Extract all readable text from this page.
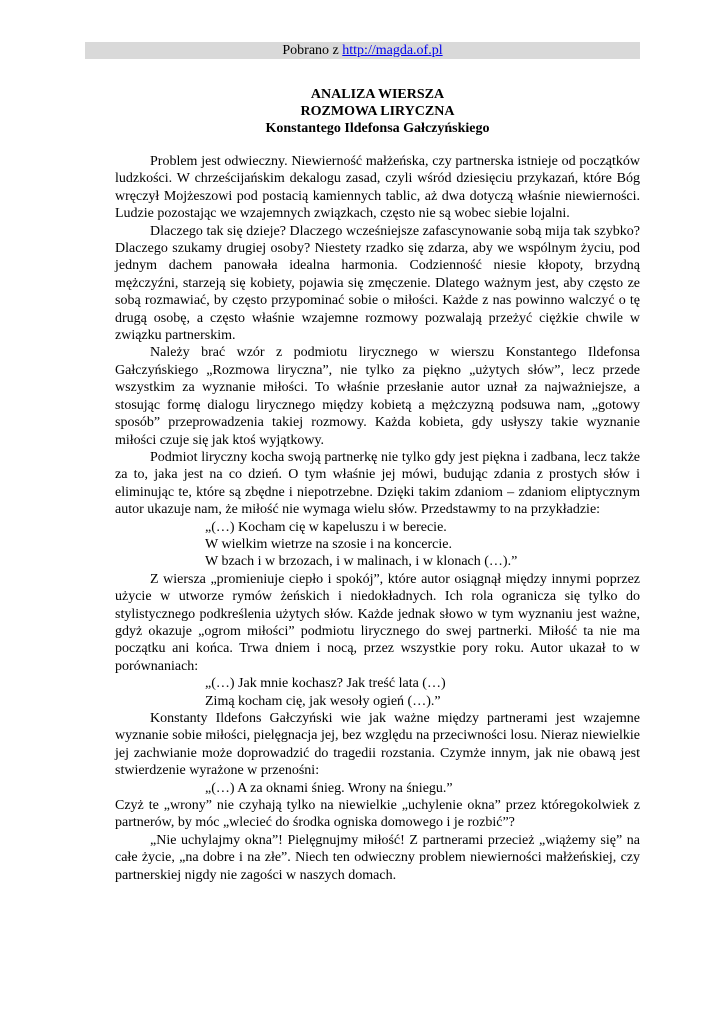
Pobrano z http://magda.of.pl
ANALIZA WIERSZA
ROZMOWA LIRYCZNA
Konstantego Ildefonsa Gałczyńskiego

Problem jest odwieczny. Niewierność małżeńska, czy partnerska istnieje od początków ludzkości. W chrześcijańskim dekalogu zasad, czyli wśród dziesięciu przykazań, które Bóg wręczył Mojżeszowi pod postacią kamiennych tablic, aż dwa dotyczą właśnie niewierności. Ludzie pozostając we wzajemnych związkach, często nie są wobec siebie lojalni.

Dlaczego tak się dzieje? Dlaczego wcześniejsze zafascynowanie sobą mija tak szybko? Dlaczego szukamy drugiej osoby? Niestety rzadko się zdarza, aby we wspólnym życiu, pod jednym dachem panowała idealna harmonia. Codzienność niesie kłopoty, brzydną mężczyźni, starzeją się kobiety, pojawia się zmęczenie. Dlatego ważnym jest, aby często ze sobą rozmawiać, by często przypominać sobie o miłości. Każde z nas powinno walczyć o tę drugą osobę, a często właśnie wzajemne rozmowy pozwalają przeżyć ciężkie chwile w związku partnerskim.

Należy brać wzór z podmiotu lirycznego w wierszu Konstantego Ildefonsa Gałczyńskiego „Rozmowa liryczna”, nie tylko za piękno „użytych słów”, lecz przede wszystkim za wyznanie miłości. To właśnie przesłanie autor uznał za najważniejsze, a stosując formę dialogu lirycznego między kobietą a mężczyzną podsuwa nam, „gotowy sposób” przeprowadzenia takiej rozmowy. Każda kobieta, gdy usłyszy takie wyznanie miłości czuje się jak ktoś wyjątkowy.

Podmiot liryczny kocha swoją partnerkę nie tylko gdy jest piękna i zadbana, lecz także za to, jaka jest na co dzień. O tym właśnie jej mówi, budując zdania z prostych słów i eliminując te, które są zbędne i niepotrzebne. Dzięki takim zdaniom – zdaniom eliptycznym autor ukazuje nam, że miłość nie wymaga wielu słów. Przedstawmy to na przykładzie:

„(…) Kocham cię w kapeluszu i w berecie.

W wielkim wietrze na szosie i na koncercie.

W bzach i w brzozach, i w malinach, i w klonach (…).”

Z wiersza „promieniuje ciepło i spokój”, które autor osiągnął między innymi poprzez użycie w utworze rymów żeńskich i niedokładnych. Ich rola ogranicza się tylko do stylistycznego podkreślenia użytych słów. Każde jednak słowo w tym wyznaniu jest ważne, gdyż okazuje „ogrom miłości” podmiotu lirycznego do swej partnerki. Miłość ta nie ma początku ani końca. Trwa dniem i nocą, przez wszystkie pory roku. Autor ukazał to w porównaniach:

„(…) Jak mnie kochasz? Jak treść lata (…)

Zimą kocham cię, jak wesoły ogień (…).”

Konstanty Ildefons Gałczyński wie jak ważne między partnerami jest wzajemne wyznanie sobie miłości, pielęgnacja jej, bez względu na przeciwności losu. Nieraz niewielkie jej zachwianie może doprowadzić do tragedii rozstania. Czymże innym, jak nie obawą jest stwierdzenie wyrażone w przenośni:

„(…) A za oknami śnieg. Wrony na śniegu.”

Czyż te „wrony” nie czyhają tylko na niewielkie „uchylenie okna” przez któregokolwiek z partnerów, by móc „wlecieć do środka ogniska domowego i je rozbić”?

„Nie uchylajmy okna”! Pielęgnujmy miłość! Z partnerami przecież „wiążemy się” na całe życie, „na dobre i na złe”. Niech ten odwieczny problem niewierności małżeńskiej, czy partnerskiej nigdy nie zagości w naszych domach.
